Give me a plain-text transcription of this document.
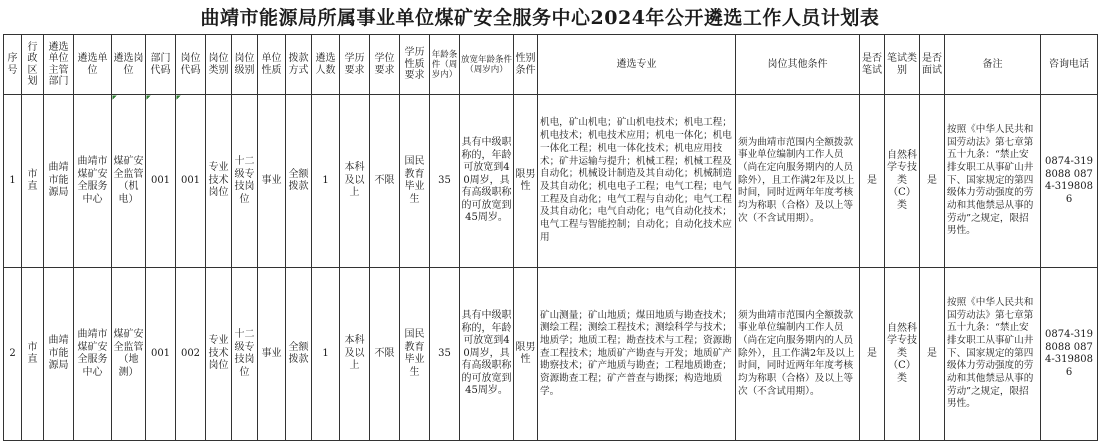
曲靖市能源局所属事业单位煤矿安全服务中心2024年公开遴选工作人员计划表
序号	行政区划	遴选单位主管部门	遴选单位	遴选岗位	部门代码	岗位代码	岗位类别	岗位级别	单位性质	拨款方式	遴选人数	学历要求	学位要求	学历性质要求	年龄条件（周岁内）	放宽年龄条件（周岁内）	性别条件	遴选专业	岗位其他条件	是否笔试	笔试类别	是否面试	备注	咨询电话
1	市直	曲靖市能源局	曲靖市煤矿安全服务中心	煤矿安全监管（机电）	001	001	专业技术岗位	十二级专技岗位	事业	全额拨款	1	本科及以上	不限	国民教育毕业生	35	具有中级职称的，年龄可放宽到40周岁，具有高级职称的可放宽到45周岁。	限男性	机电，矿山机电；矿山机电技术；机电工程；机电技术；机电技术应用；机电一体化；机电一体化工程；机电一体化技术；机电应用技术；矿井运输与提升；机械工程；机械工程及自动化；机械设计制造及其自动化；机械制造及其自动化；机电电子工程；电气工程；电气工程及自动化；电气工程与自动化；电气工程及其自动化；电气自动化；电气自动化技术；电气工程与智能控制；自动化；自动化技术应用	须为曲靖市范围内全额拨款事业单位编制内工作人员（尚在定向服务期内的人员除外），且工作满2年及以上时间，同时近两年年度考核均为称职（合格）及以上等次（不含试用期）。	是	自然科学专技类（C）类	是	按照《中华人民共和国劳动法》第七章第五十九条：“禁止安排女职工从事矿山井下、国家规定的第四级体力劳动强度的劳动和其他禁忌从事的劳动”之规定，限招男性。	0874-3198088 0874-3198086
2	市直	曲靖市能源局	曲靖市煤矿安全服务中心	煤矿安全监管（地测）	001	002	专业技术岗位	十二级专技岗位	事业	全额拨款	1	本科及以上	不限	国民教育毕业生	35	具有中级职称的，年龄可放宽到40周岁，具有高级职称的可放宽到45周岁。	限男性	矿山测量；矿山地质；煤田地质与勘查技术；测绘工程；测绘工程技术；测绘科学与技术；地质学；地质工程；勘查技术与工程；资源勘查工程技术；地质矿产勘查与开发；地质矿产勘察技术；矿产地质与勘查；工程地质勘查；资源勘查工程；矿产普查与勘探；构造地质学。	须为曲靖市范围内全额拨款事业单位编制内工作人员（尚在定向服务期内的人员除外），且工作满2年及以上时间，同时近两年年度考核均为称职（合格）及以上等次（不含试用期）。	是	自然科学专技类（C）类	是	按照《中华人民共和国劳动法》第七章第五十九条：“禁止安排女职工从事矿山井下、国家规定的第四级体力劳动强度的劳动和其他禁忌从事的劳动”之规定，限招男性。	0874-3198088 0874-3198086
